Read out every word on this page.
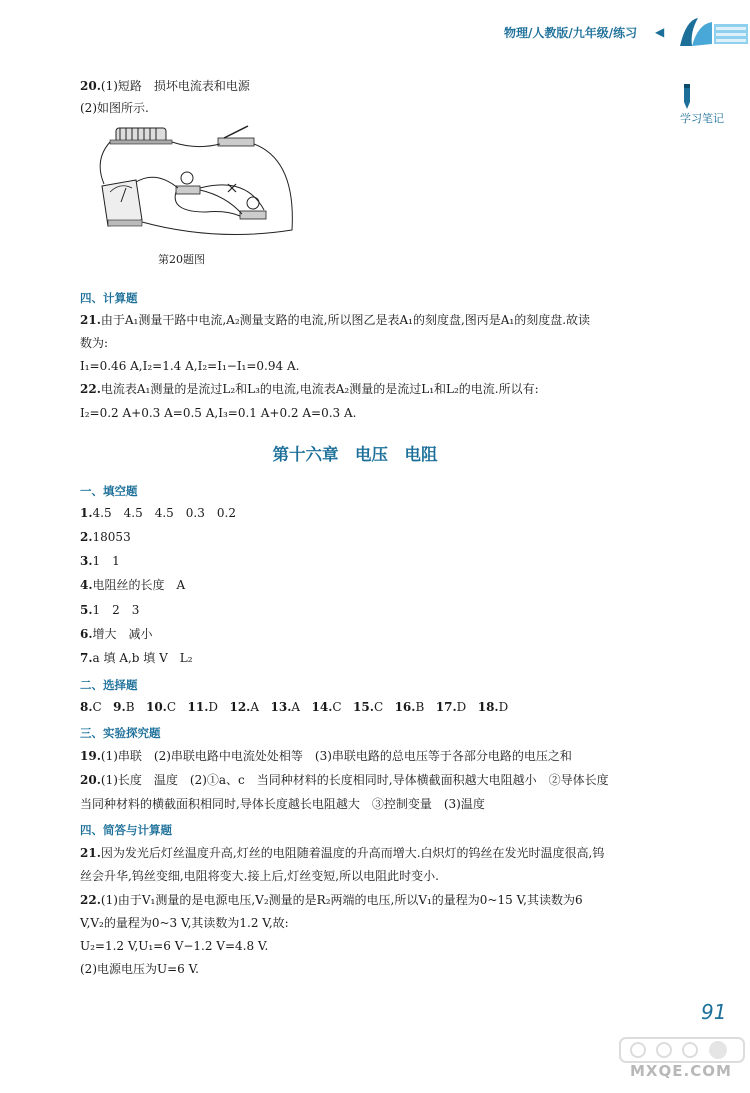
物理/人教版/九年级/练习 ◀
学习笔记
20.(1)短路　损坏电流表和电源
(2)如图所示.
第20题图
四、计算题
21.由于A₁测量干路中电流,A₂测量支路的电流,所以图乙是表A₁的刻度盘,图丙是A₁的刻度盘.故读
数为:
I₁=0.46 A,I₂=1.4 A,I₂=I₁−I₁=0.94 A.
22.电流表A₁测量的是流过L₂和L₃的电流,电流表A₂测量的是流过L₁和L₂的电流.所以有:
I₂=0.2 A+0.3 A=0.5 A,I₃=0.1 A+0.2 A=0.3 A.
第十六章　电压　电阻
一、填空题
1.4.5　4.5　4.5　0.3　0.2
2.18053
3.1　1
4.电阻丝的长度　A
5.1　2　3
6.增大　减小
7.a 填 A,b 填 V　L₂
二、选择题
8.C 9.B 10.C 11.D 12.A 13.A 14.C 15.C 16.B 17.D 18.D
三、实验探究题
19.(1)串联　(2)串联电路中电流处处相等　(3)串联电路的总电压等于各部分电路的电压之和
20.(1)长度　温度　(2)①a、c　当同种材料的长度相同时,导体横截面积越大电阻越小　②导体长度
当同种材料的横截面积相同时,导体长度越长电阻越大　③控制变量　(3)温度
四、简答与计算题
21.因为发光后灯丝温度升高,灯丝的电阻随着温度的升高而增大.白炽灯的钨丝在发光时温度很高,钨
丝会升华,钨丝变细,电阻将变大.接上后,灯丝变短,所以电阻此时变小.
22.(1)由于V₁测量的是电源电压,V₂测量的是R₂两端的电压,所以V₁的量程为0~15 V,其读数为6
V,V₂的量程为0~3 V,其读数为1.2 V,故:
U₂=1.2 V,U₁=6 V−1.2 V=4.8 V.
(2)电源电压为U=6 V.
91
MXQE.COM
